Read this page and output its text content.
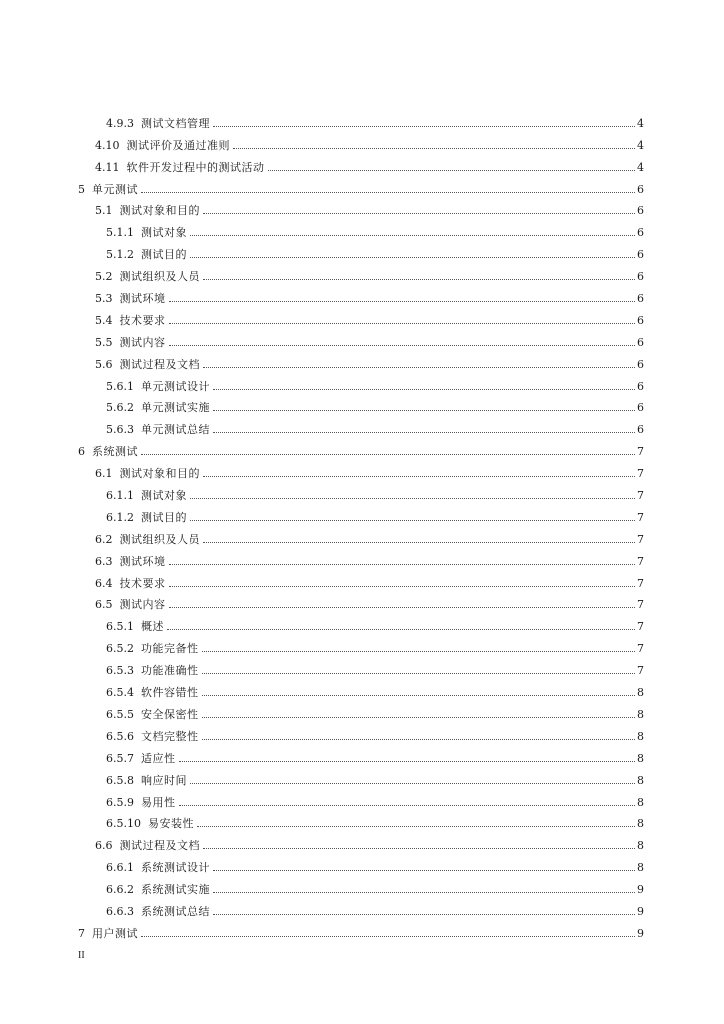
4.9.3 测试文档管理	4
4.10 测试评价及通过准则	4
4.11 软件开发过程中的测试活动	4
5 单元测试	6
5.1 测试对象和目的	6
5.1.1 测试对象	6
5.1.2 测试目的	6
5.2 测试组织及人员	6
5.3 测试环境	6
5.4 技术要求	6
5.5 测试内容	6
5.6 测试过程及文档	6
5.6.1 单元测试设计	6
5.6.2 单元测试实施	6
5.6.3 单元测试总结	6
6 系统测试	7
6.1 测试对象和目的	7
6.1.1 测试对象	7
6.1.2 测试目的	7
6.2 测试组织及人员	7
6.3 测试环境	7
6.4 技术要求	7
6.5 测试内容	7
6.5.1 概述	7
6.5.2 功能完备性	7
6.5.3 功能准确性	7
6.5.4 软件容错性	8
6.5.5 安全保密性	8
6.5.6 文档完整性	8
6.5.7 适应性	8
6.5.8 响应时间	8
6.5.9 易用性	8
6.5.10 易安装性	8
6.6 测试过程及文档	8
6.6.1 系统测试设计	8
6.6.2 系统测试实施	9
6.6.3 系统测试总结	9
7 用户测试	9
II
